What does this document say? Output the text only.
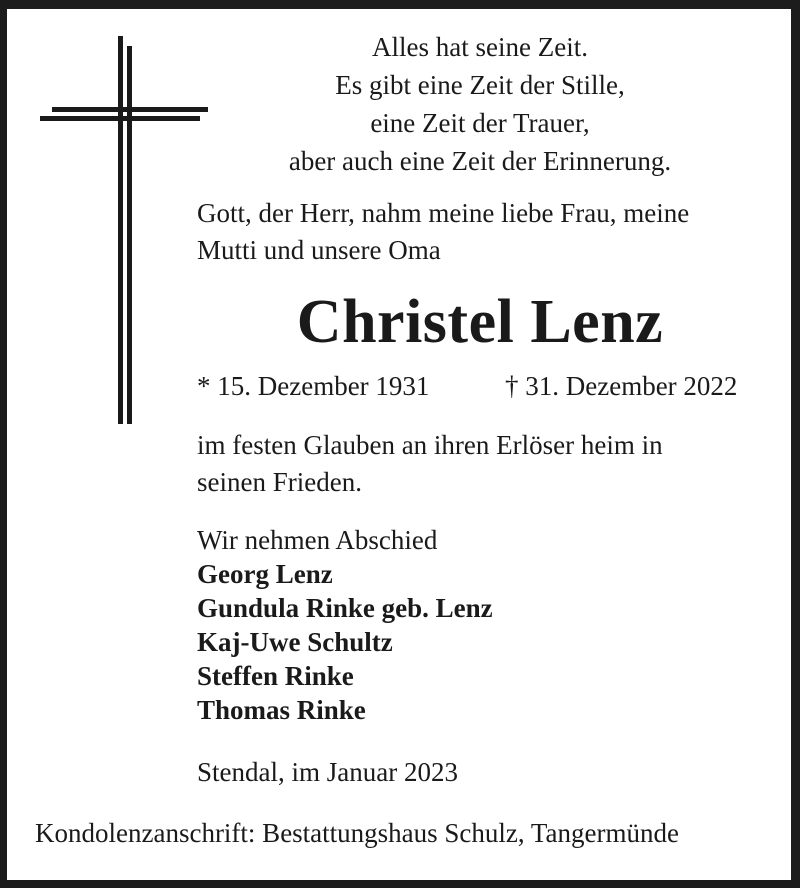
Alles hat seine Zeit.
Es gibt eine Zeit der Stille,
eine Zeit der Trauer,
aber auch eine Zeit der Erinnerung.
Gott, der Herr, nahm meine liebe Frau, meine
Mutti und unsere Oma
Christel Lenz
* 15. Dezember 1931	† 31. Dezember 2022
im festen Glauben an ihren Erlöser heim in
seinen Frieden.
Wir nehmen Abschied
Georg Lenz
Gundula Rinke geb. Lenz
Kaj-Uwe Schultz
Steffen Rinke
Thomas Rinke
Stendal, im Januar 2023
Kondolenzanschrift: Bestattungshaus Schulz, Tangermünde
